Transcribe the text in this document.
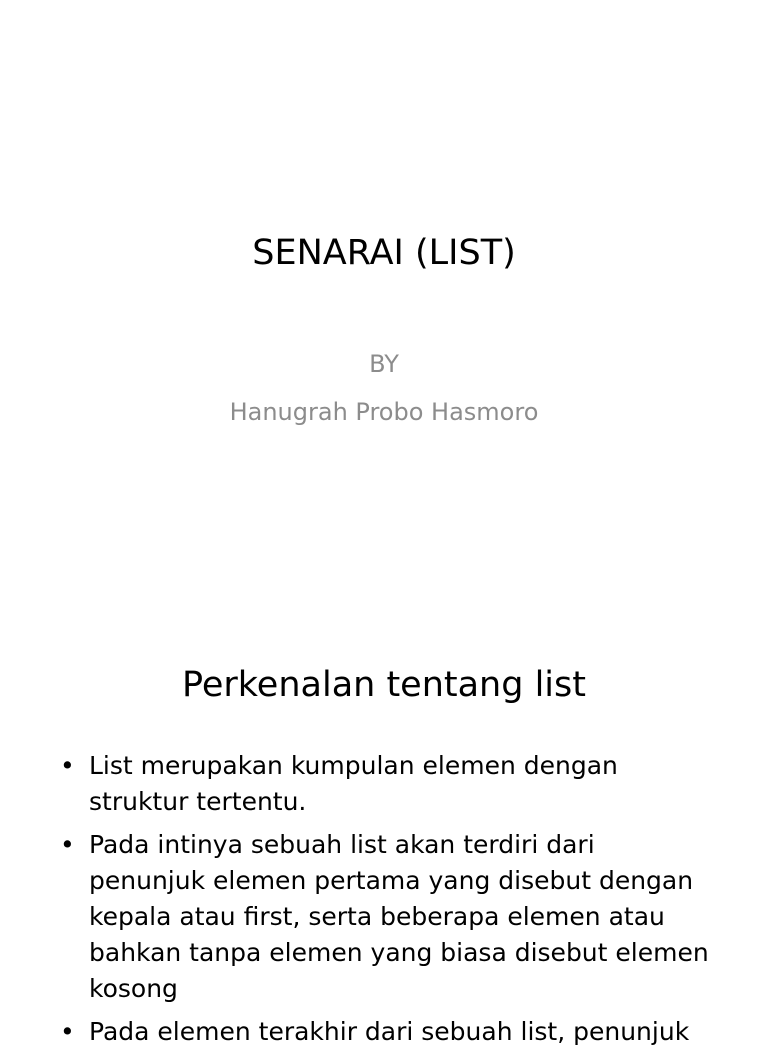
SENARAI (LIST)
BY
Hanugrah Probo Hasmoro
Perkenalan tentang list
• List merupakan kumpulan elemen dengan struktur tertentu.
• Pada intinya sebuah list akan terdiri dari penunjuk elemen pertama yang disebut dengan kepala atau first, serta beberapa elemen atau bahkan tanpa elemen yang biasa disebut elemen kosong
• Pada elemen terakhir dari sebuah list, penunjuk
